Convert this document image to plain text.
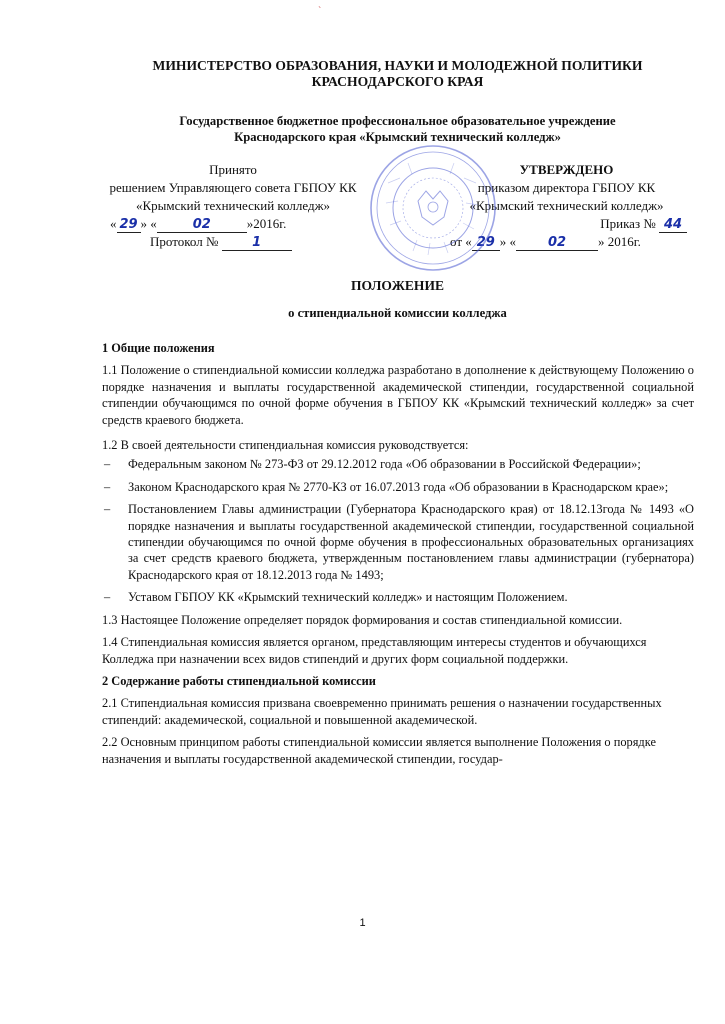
`
МИНИСТЕРСТВО ОБРАЗОВАНИЯ, НАУКИ И МОЛОДЕЖНОЙ ПОЛИТИКИ
КРАСНОДАРСКОГО КРАЯ
Государственное бюджетное профессиональное образовательное учреждение
Краснодарского края «Крымский технический колледж»
Принято
решением Управляющего совета ГБПОУ КК
«Крымский технический колледж»
« 29 » «	02	»2016г.
Протокол №	1
УТВЕРЖДЕНО
приказом директора ГБПОУ КК
«Крымский технический колледж»
Приказ № 44
от « 29 » « 02 » 2016г.
ПОЛОЖЕНИЕ
о стипендиальной комиссии колледжа

1 Общие положения

1.1 Положение о стипендиальной комиссии колледжа разработано в дополнение к действующему Положению о порядке назначения и выплаты государственной академической стипендии, государственной социальной стипендии обучающимся по очной форме обучения в ГБПОУ КК «Крымский технический колледж» за счет средств краевого бюджета.

1.2 В своей деятельности стипендиальная комиссия руководствуется:

– Федеральным законом № 273-ФЗ от 29.12.2012 года «Об образовании в Российской Федерации»;
– Законом Краснодарского края № 2770-КЗ от 16.07.2013 года «Об образовании в Краснодарском крае»;
– Постановлением Главы администрации (Губернатора Краснодарского края) от 18.12.13года № 1493 «О порядке назначения и выплаты государственной академической стипендии, государственной социальной стипендии обучающимся по очной форме обучения в профессиональных образовательных организациях за счет средств краевого бюджета, утвержденным постановлением главы администрации (губернатора) Краснодарского края от 18.12.2013 года № 1493;
– Уставом ГБПОУ КК «Крымский технический колледж» и настоящим Положением.

1.3 Настоящее Положение определяет порядок формирования и состав стипендиальной комиссии.

1.4 Стипендиальная комиссия является органом, представляющим интересы студентов и обучающихся Колледжа при назначении всех видов стипендий и других форм социальной поддержки.

2 Содержание работы стипендиальной комиссии

2.1 Стипендиальная комиссия призвана своевременно принимать решения о назначении государственных стипендий: академической, социальной и повышенной академической.

2.2 Основным принципом работы стипендиальной комиссии является выполнение Положения о порядке назначения и выплаты государственной академической стипендии, государ-

1
